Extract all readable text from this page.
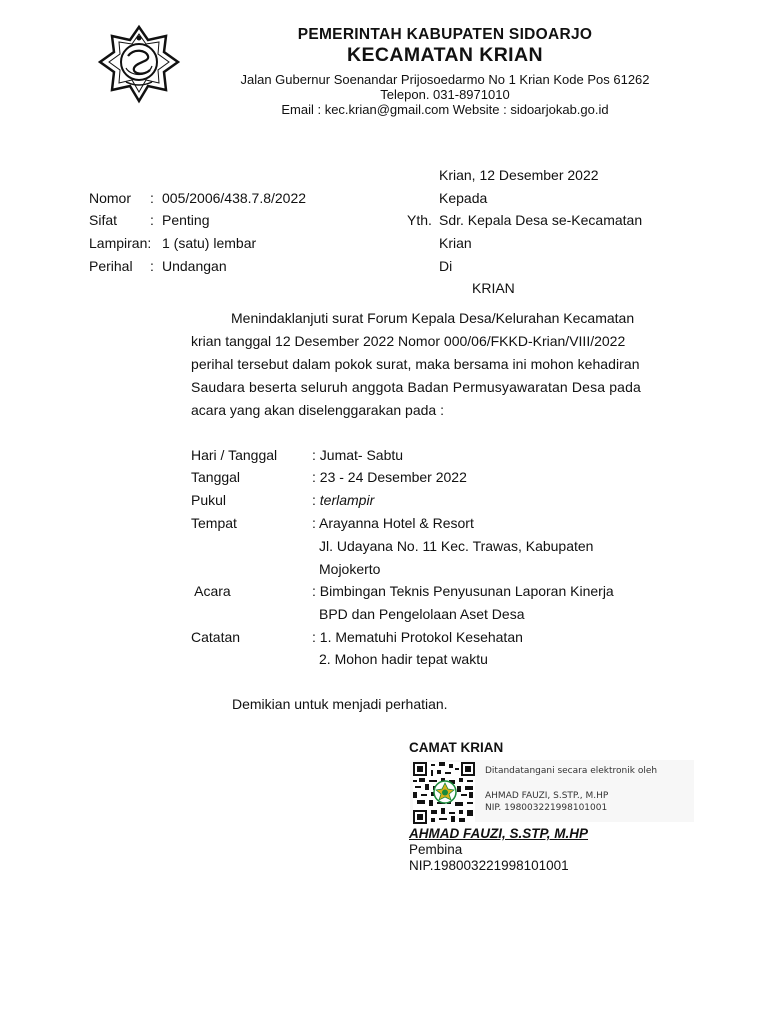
PEMERINTAH KABUPATEN SIDOARJO
KECAMATAN KRIAN
Jalan Gubernur Soenandar Prijosoedarmo No 1 Krian Kode Pos 61262
Telepon. 031-8971010
Email : kec.krian@gmail.com Website : sidoarjokab.go.id
Krian, 12 Desember 2022
Nomor : 005/2006/438.7.8/2022
Sifat : Penting
Lampiran: 1 (satu) lembar
Perihal : Undangan
Kepada
Yth. Sdr. Kepala Desa se-Kecamatan
Krian
Di
KRIAN
Menindaklanjuti surat Forum Kepala Desa/Kelurahan Kecamatan
krian tanggal 12 Desember 2022 Nomor 000/06/FKKD-Krian/VIII/2022
perihal tersebut dalam pokok surat, maka bersama ini mohon kehadiran
Saudara beserta seluruh anggota Badan Permusyawaratan Desa pada
acara yang akan diselenggarakan pada :
Hari / Tanggal : Jumat- Sabtu
Tanggal	: 23 - 24 Desember 2022
Pukul	: terlampir
Tempat	: Arayanna Hotel & Resort
Jl. Udayana No. 11 Kec. Trawas, Kabupaten
Mojokerto
Acara	: Bimbingan Teknis Penyusunan Laporan Kinerja
BPD dan Pengelolaan Aset Desa
Catatan	: 1. Mematuhi Protokol Kesehatan
2. Mohon hadir tepat waktu
Demikian untuk menjadi perhatian.
CAMAT KRIAN
Ditandatangani secara elektronik oleh
AHMAD FAUZI, S.STP., M.HP
NIP. 198003221998101001
AHMAD FAUZI, S.STP, M.HP
Pembina
NIP.198003221998101001
